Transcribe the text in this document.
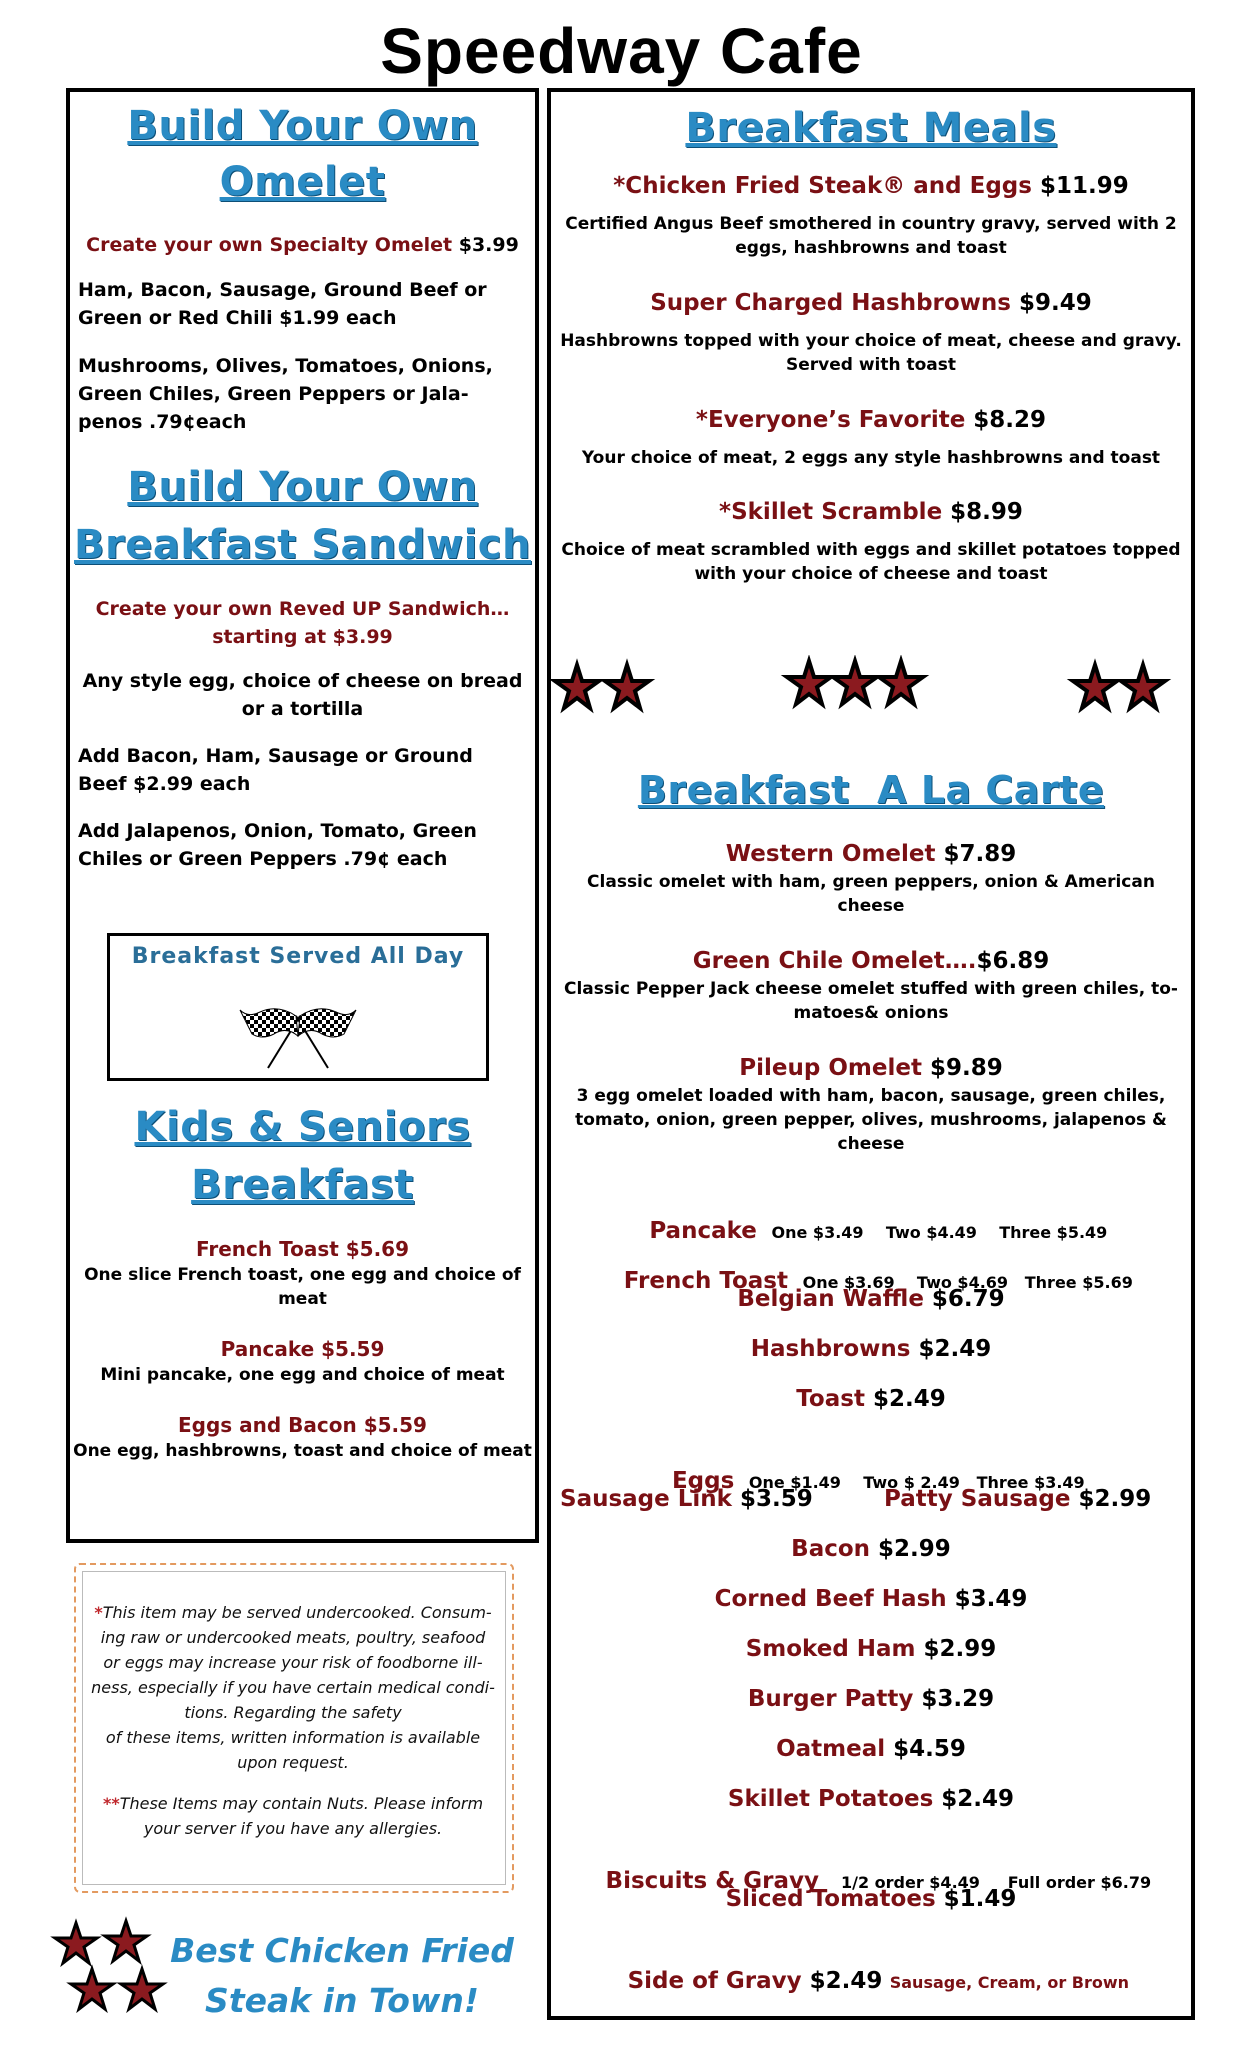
Speedway Cafe
Build Your Own
Omelet
Create your own Specialty Omelet $3.99
Ham, Bacon, Sausage, Ground Beef or
Green or Red Chili $1.99 each
Mushrooms, Olives, Tomatoes, Onions,
Green Chiles, Green Peppers or Jala-
penos .79¢each
Build Your Own
Breakfast Sandwich
Create your own Reved UP Sandwich…
starting at $3.99
Any style egg, choice of cheese on bread
or a tortilla
Add Bacon, Ham, Sausage or Ground
Beef $2.99 each
Add Jalapenos, Onion, Tomato, Green
Chiles or Green Peppers .79¢ each
Breakfast Served All Day
Kids & Seniors
Breakfast
French Toast $5.69
One slice French toast, one egg and choice of
meat
Pancake $5.59
Mini pancake, one egg and choice of meat
Eggs and Bacon $5.59
One egg, hashbrowns, toast and choice of meat
*This item may be served undercooked. Consum-
ing raw or undercooked meats, poultry, seafood
or eggs may increase your risk of foodborne ill-
ness, especially if you have certain medical condi-
tions. Regarding the safety
of these items, written information is available
upon request.
**These Items may contain Nuts. Please inform
your server if you have any allergies.
Best Chicken Fried
Steak in Town!
Breakfast Meals
*Chicken Fried Steak® and Eggs $11.99
Certified Angus Beef smothered in country gravy, served with 2
eggs, hashbrowns and toast
Super Charged Hashbrowns $9.49
Hashbrowns topped with your choice of meat, cheese and gravy.
Served with toast
*Everyone’s Favorite $8.29
Your choice of meat, 2 eggs any style hashbrowns and toast
*Skillet Scramble $8.99
Choice of meat scrambled with eggs and skillet potatoes topped
with your choice of cheese and toast
Breakfast  A La Carte
Western Omelet $7.89
Classic omelet with ham, green peppers, onion & American
cheese
Green Chile Omelet….$6.89
Classic Pepper Jack cheese omelet stuffed with green chiles, to-
matoes& onions
Pileup Omelet $9.89
3 egg omelet loaded with ham, bacon, sausage, green chiles,
tomato, onion, green pepper, olives, mushrooms, jalapenos &
cheese

Pancake One $3.49    Two $4.49    Three $5.49

French Toast One $3.69    Two $4.69   Three $5.69

Belgian Waffle $6.79
Hashbrowns $2.49
Toast $2.49

Eggs One $1.49    Two $ 2.49   Three $3.49

Sausage Link $3.59	Patty Sausage $2.99
Bacon $2.99
Corned Beef Hash $3.49
Smoked Ham $2.99
Burger Patty $3.29
Oatmeal $4.59
Skillet Potatoes $2.49

Biscuits & Gravy 1/2 order $4.49     Full order $6.79

Sliced Tomatoes $1.49

Side of Gravy $2.49 Sausage, Cream, or Brown
